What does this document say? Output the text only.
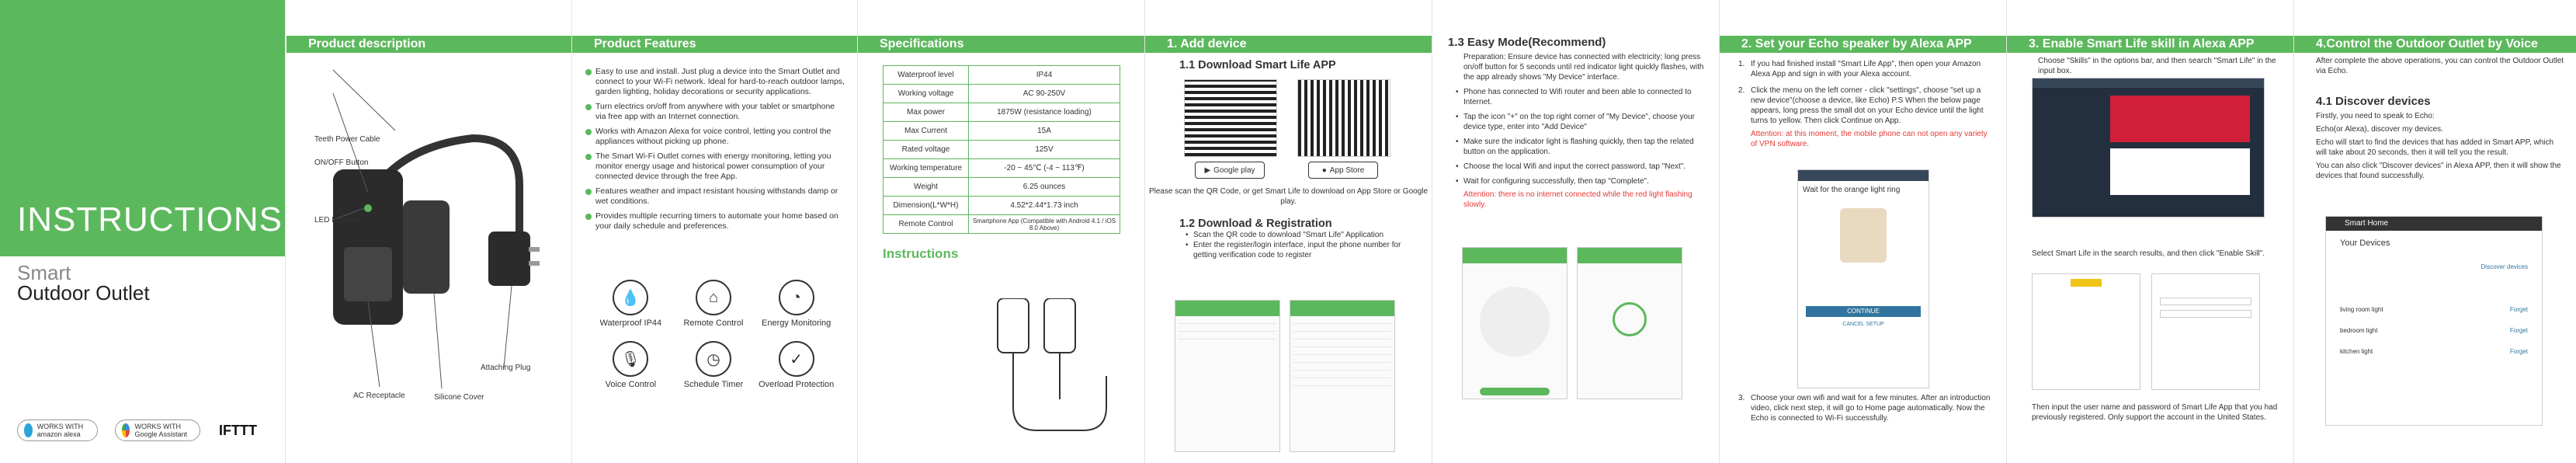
INSTRUCTIONS
Smart
Outdoor Outlet
WORKS WITH amazon alexa
WORKS WITH Google Assistant	IFTTT
Product description
Teeth Power Cable
ON/OFF Button
LED Indicator
Attaching Plug
AC Receptacle	Silicone Cover
Product Features
Easy to use and install. Just plug a device into the Smart Outlet and connect to your Wi-Fi network. Ideal for hard-to-reach outdoor lamps, garden lighting, holiday decorations or security applications.
Turn electrics on/off from anywhere with your tablet or smartphone via free app with an Internet connection.
Works with Amazon Alexa for voice control, letting you control the appliances without picking up phone.
The Smart Wi-Fi Outlet comes with energy monitoring, letting you monitor energy usage and historical power consumption of your connected device through the free App.
Features weather and impact resistant housing withstands damp or wet conditions.
Provides multiple recurring timers to automate your home based on your daily schedule and preferences.
💧
Waterproof IP44
⌂
Remote Control
◔
Energy Monitoring
🎙
Voice Control
◷
Schedule Timer
✓
Overload Protection
Specifications
Waterproof level	IP44
Working voltage	AC 90-250V
Max power	1875W (resistance loading)
Max Current	15A
Rated voltage	125V
Working temperature	-20 ~ 45℃ (-4 ~ 113℉)
Weight	6.25 ounces
Dimension(L*W*H)	4.52*2.44*1.73 inch
Remote Control	Smartphone App (Compatible with Android 4.1 / iOS 8.0 Above)
Instructions
1. Add device
1.1 Download Smart Life APP
▶ Google play	● App Store
Please scan the QR Code, or get Smart Life to download on App Store or Google play.
1.2 Download & Registration
• Scan the QR code to download "Smart Life" Application
• Enter the register/login interface, input the phone number for getting verification code to register
1.3 Easy Mode(Recommend)
Preparation: Ensure device has connected with electricity; long press on/off button for 5 seconds until red indicator light quickly flashes, with the app already shows "My Device" interface.
• Phone has connected to Wifi router and been able to connected to Internet.
• Tap the icon "+" on the top right corner of "My Device", choose your device type, enter into "Add Device"
• Make sure the indicator light is flashing quickly, then tap the related button on the application.
• Choose the local Wifi and input the correct password, tap "Next".
• Wait for configuring successfully, then tap "Complete".
Attention: there is no internet connected while the red light flashing slowly.
2. Set your Echo speaker by Alexa APP
1. If you had finished install "Smart Life App", then open your Amazon Alexa App and sign in with your Alexa account.
2. Click the menu on the left corner - click "settings", choose "set up a new device"(choose a device, like Echo) P.S When the below page appears, long press the small dot on your Echo device until the light turns to yellow. Then click Continue on App.
Attention: at this moment, the mobile phone can not open any variety of VPN software.
Wait for the orange light ring
CONTINUE
CANCEL SETUP
3. Choose your own wifi and wait for a few minutes. After an introduction video, click next step, it will go to Home page automatically. Now the Echo is connected to Wi-Fi successfully.
3. Enable Smart Life skill in Alexa APP
Choose "Skills" in the options bar, and then search "Smart Life" in the input box.
Select Smart Life in the search results, and then click "Enable Skill".
Then input the user name and password of Smart Life App that you had previously registered. Only support the account in the United States.
4.Control the Outdoor Outlet by Voice
After complete the above operations, you can control the Outdoor Outlet via Echo.
4.1 Discover devices
Firstly, you need to speak to Echo:
Echo(or Alexa), discover my devices.
Echo will start to find the devices that has added in Smart APP, which will take about 20 seconds, then it will tell you the result.
You can also click "Discover devices" in Alexa APP, then it will show the devices that found successfully.
Smart Home
Your Devices
Discover devices
living room light	Forget
bedroom light	Forget
kitchen light	Forget
